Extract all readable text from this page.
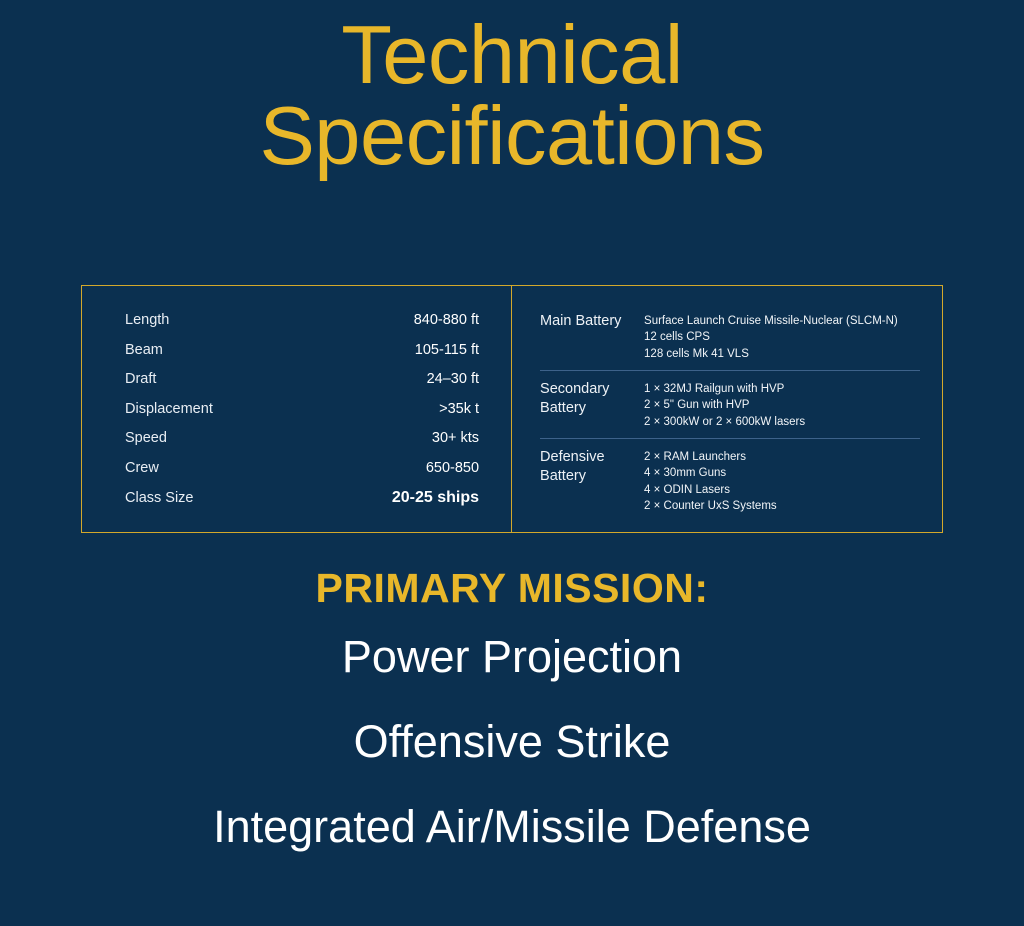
Technical
Specifications
Length	840-880 ft
Beam	105-115 ft
Draft	24–30 ft
Displacement	>35k t
Speed	30+ kts
Crew	650-850
Class Size	20-25 ships
Main Battery	Surface Launch Cruise Missile-Nuclear (SLCM-N)
12 cells CPS
128 cells Mk 41 VLS
Secondary Battery
1 × 32MJ Railgun with HVP
2 × 5" Gun with HVP
2 × 300kW or 2 × 600kW lasers
Defensive Battery
2 × RAM Launchers
4 × 30mm Guns
4 × ODIN Lasers
2 × Counter UxS Systems
PRIMARY MISSION:
Power Projection
Offensive Strike
Integrated Air/Missile Defense
